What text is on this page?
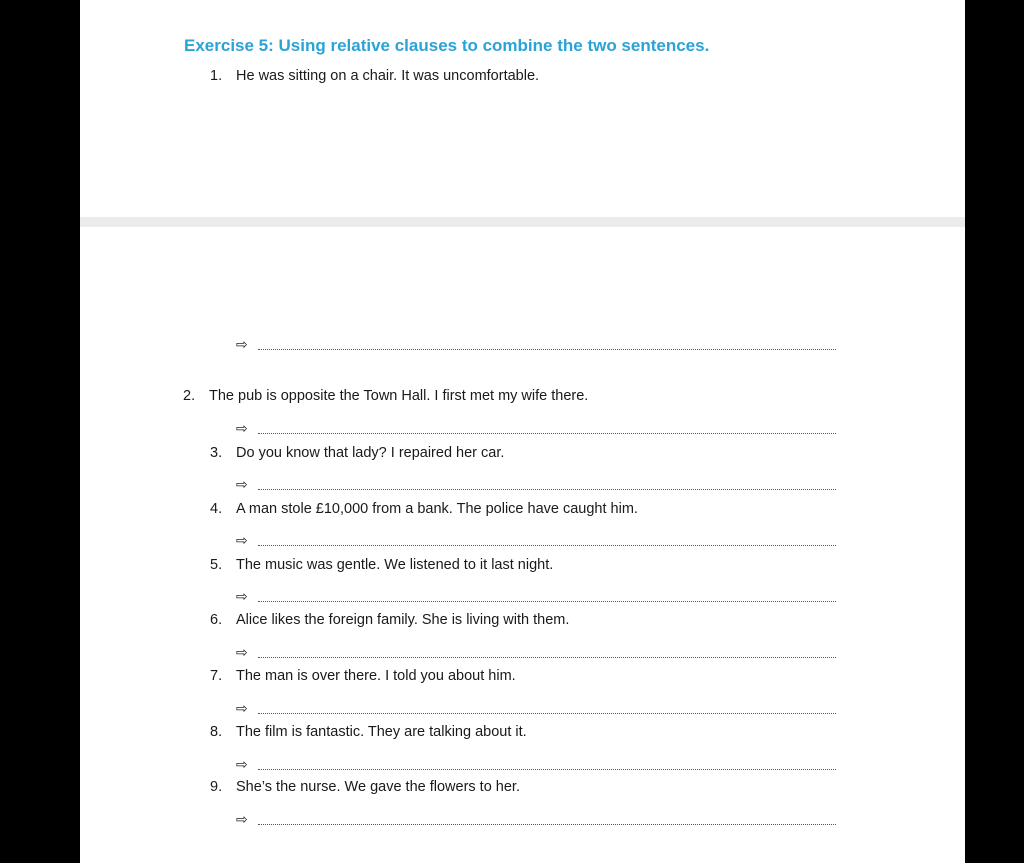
Exercise 5: Using relative clauses to combine the two sentences.
1. He was sitting on a chair. It was uncomfortable.
⇨
2. The pub is opposite the Town Hall. I first met my wife there.
⇨
3. Do you know that lady? I repaired her car.
⇨
4. A man stole £10,000 from a bank. The police have caught him.
⇨
5. The music was gentle. We listened to it last night.
⇨
6. Alice likes the foreign family. She is living with them.
⇨
7. The man is over there. I told you about him.
⇨
8. The film is fantastic. They are talking about it.
⇨
9. She’s the nurse. We gave the flowers to her.
⇨
